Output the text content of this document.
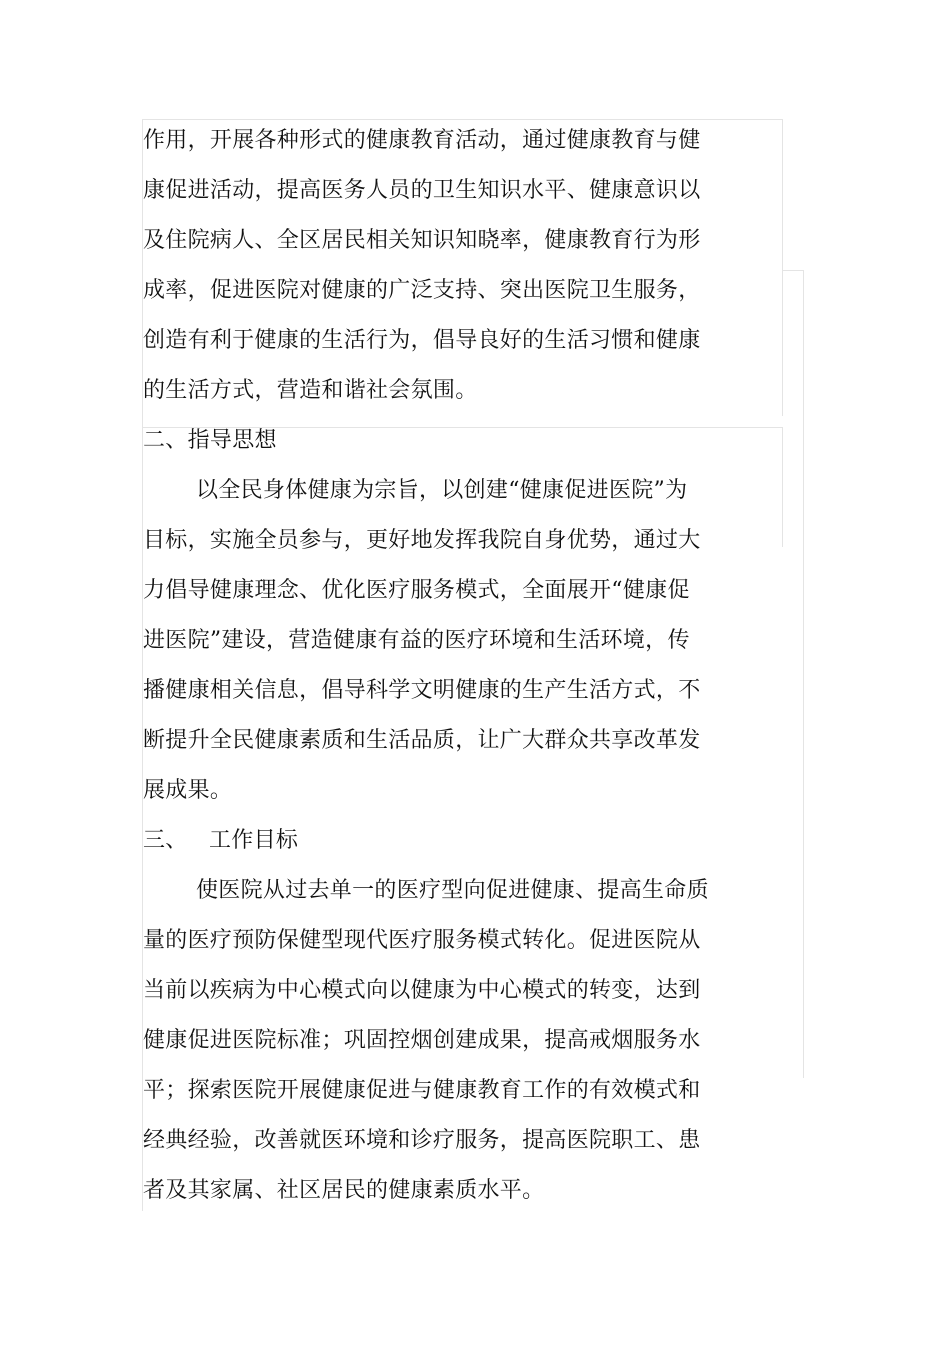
作用，开展各种形式的健康教育活动，通过健康教育与健
康促进活动，提高医务人员的卫生知识水平、健康意识以
及住院病人、全区居民相关知识知晓率，健康教育行为形
成率，促进医院对健康的广泛支持、突出医院卫生服务，
创造有利于健康的生活行为，倡导良好的生活习惯和健康
的生活方式，营造和谐社会氛围。
二、指导思想
以全民身体健康为宗旨，以创建“健康促进医院”为
目标，实施全员参与，更好地发挥我院自身优势，通过大
力倡导健康理念、优化医疗服务模式，全面展开“健康促
进医院”建设，营造健康有益的医疗环境和生活环境，传
播健康相关信息，倡导科学文明健康的生产生活方式，不
断提升全民健康素质和生活品质，让广大群众共享改革发
展成果。
三、 工作目标
使医院从过去单一的医疗型向促进健康、提高生命质
量的医疗预防保健型现代医疗服务模式转化。促进医院从
当前以疾病为中心模式向以健康为中心模式的转变，达到
健康促进医院标准；巩固控烟创建成果，提高戒烟服务水
平；探索医院开展健康促进与健康教育工作的有效模式和
经典经验，改善就医环境和诊疗服务，提高医院职工、患
者及其家属、社区居民的健康素质水平。
